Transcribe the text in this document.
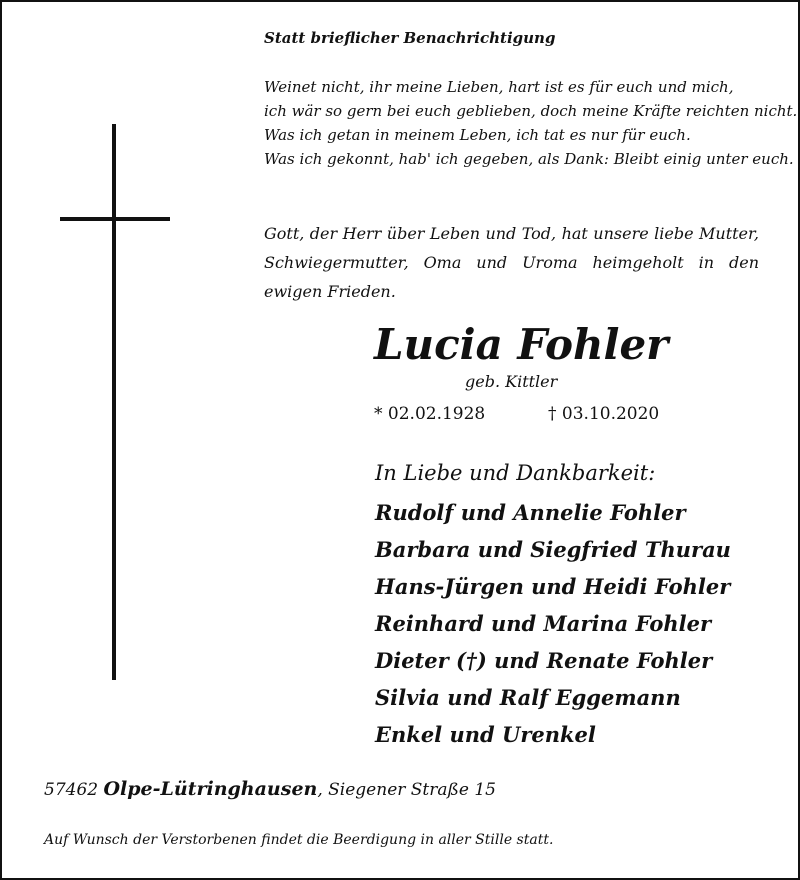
Statt brieflicher Benachrichtigung
Weinet nicht, ihr meine Lieben, hart ist es für euch und mich,
ich wär so gern bei euch geblieben, doch meine Kräfte reichten nicht.
Was ich getan in meinem Leben, ich tat es nur für euch.
Was ich gekonnt, hab' ich gegeben, als Dank: Bleibt einig unter euch.
Gott, der Herr über Leben und Tod, hat unsere liebe Mutter, Schwiegermutter, Oma und Uroma heimgeholt in den ewigen Frieden.
Lucia Fohler
geb. Kittler
* 02.02.1928	† 03.10.2020
In Liebe und Dankbarkeit:
Rudolf und Annelie Fohler
Barbara und Siegfried Thurau
Hans-Jürgen und Heidi Fohler
Reinhard und Marina Fohler
Dieter (†) und Renate Fohler
Silvia und Ralf Eggemann
Enkel und Urenkel
57462 Olpe-Lütringhausen, Siegener Straße 15
Auf Wunsch der Verstorbenen findet die Beerdigung in aller Stille statt.
